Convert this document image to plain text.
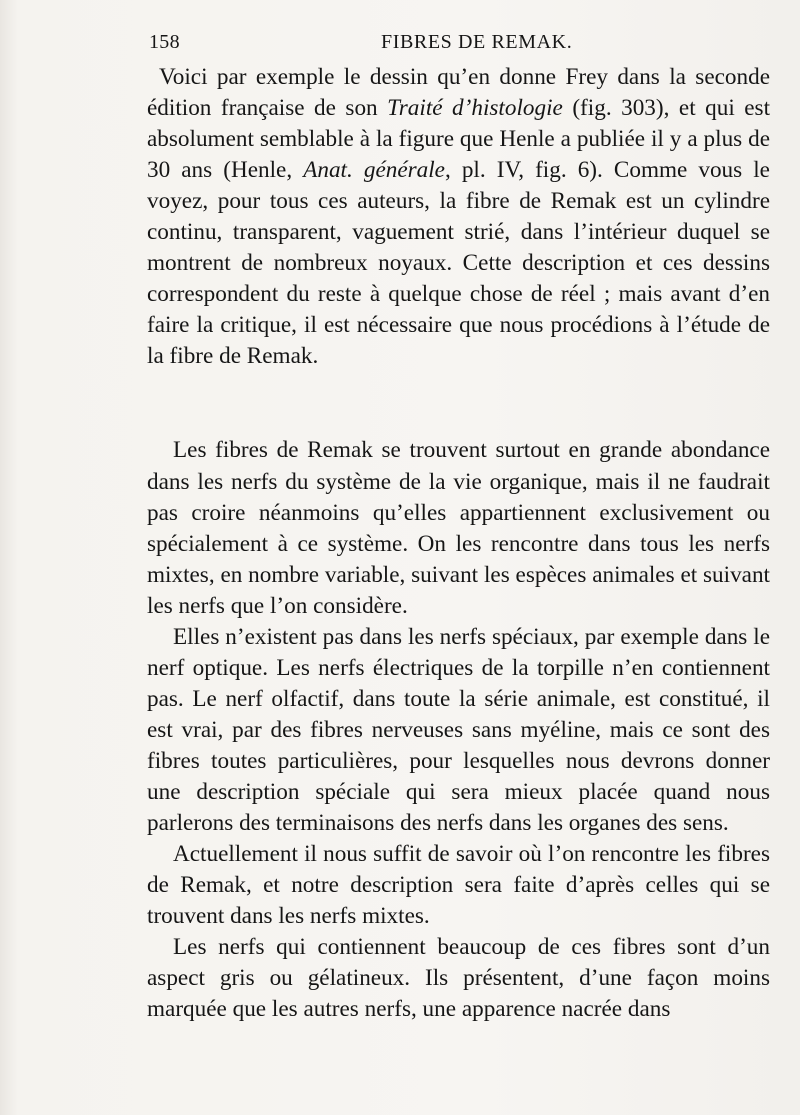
158	FIBRES DE REMAK.

Voici par exemple le dessin qu’en donne Frey dans la seconde édition française de son Traité d’histologie (fig. 303), et qui est absolument semblable à la figure que Henle a publiée il y a plus de 30 ans (Henle, Anat. générale, pl. IV, fig. 6). Comme vous le voyez, pour tous ces auteurs, la fibre de Remak est un cylindre continu, transparent, vaguement strié, dans l’intérieur duquel se montrent de nombreux noyaux. Cette description et ces dessins correspondent du reste à quelque chose de réel ; mais avant d’en faire la critique, il est nécessaire que nous procédions à l’étude de la fibre de Remak.

Les fibres de Remak se trouvent surtout en grande abondance dans les nerfs du système de la vie organique, mais il ne faudrait pas croire néanmoins qu’elles appartiennent exclusivement ou spécialement à ce système. On les rencontre dans tous les nerfs mixtes, en nombre variable, suivant les espèces animales et suivant les nerfs que l’on considère.

Elles n’existent pas dans les nerfs spéciaux, par exemple dans le nerf optique. Les nerfs électriques de la torpille n’en contiennent pas. Le nerf olfactif, dans toute la série animale, est constitué, il est vrai, par des fibres nerveuses sans myéline, mais ce sont des fibres toutes particulières, pour lesquelles nous devrons donner une description spéciale qui sera mieux placée quand nous parlerons des terminaisons des nerfs dans les organes des sens.

Actuellement il nous suffit de savoir où l’on rencontre les fibres de Remak, et notre description sera faite d’après celles qui se trouvent dans les nerfs mixtes.

Les nerfs qui contiennent beaucoup de ces fibres sont d’un aspect gris ou gélatineux. Ils présentent, d’une façon moins marquée que les autres nerfs, une apparence nacrée dans
